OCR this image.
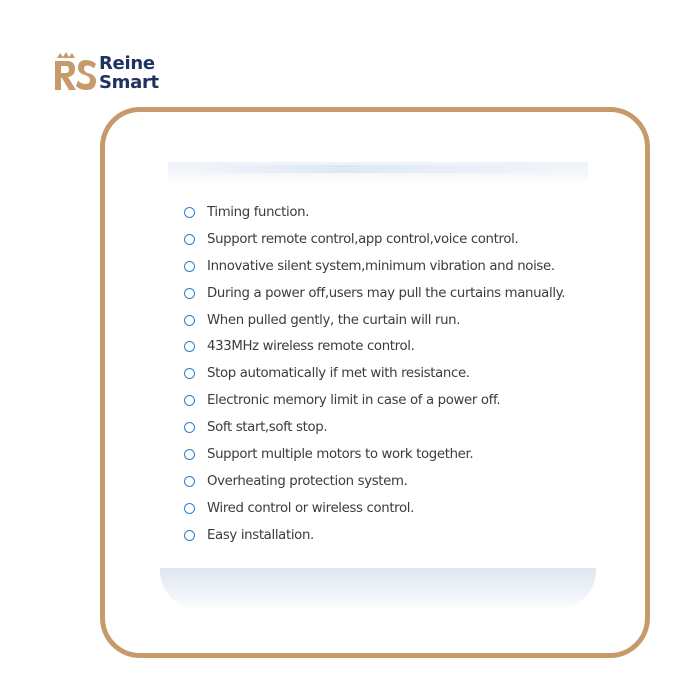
Reine
Smart
Timing function.
Support remote control,app control,voice control.
Innovative silent system,minimum vibration and noise.
During a power off,users may pull the curtains manually.
When pulled gently, the curtain will run.
433MHz wireless remote control.
Stop automatically if met with resistance.
Electronic memory limit in case of a power off.
Soft start,soft stop.
Support multiple motors to work together.
Overheating protection system.
Wired control or wireless control.
Easy installation.
